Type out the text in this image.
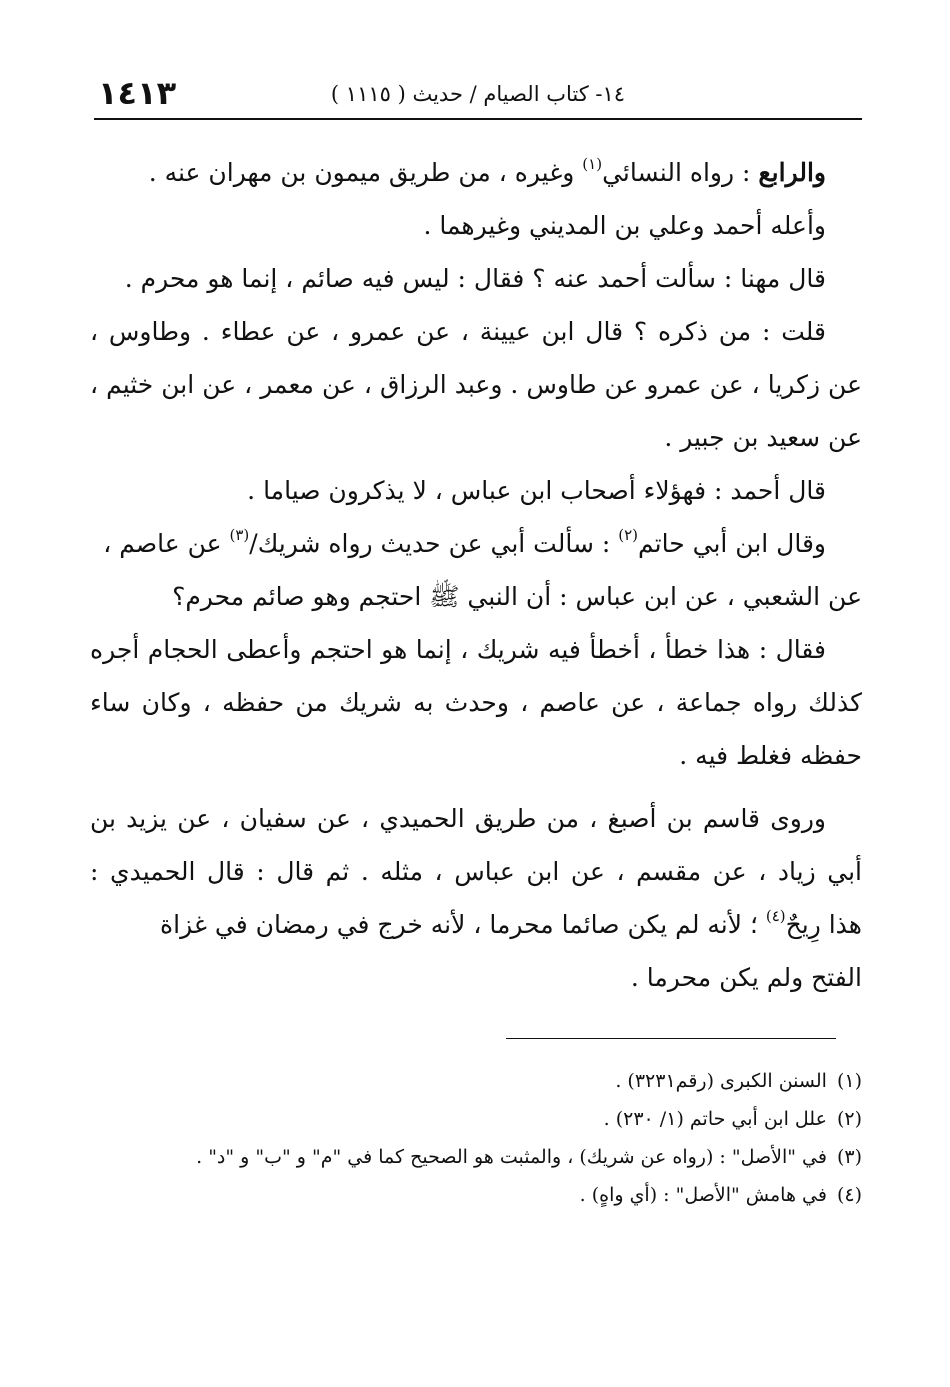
١٤١٣	١٤- كتاب الصيام / حديث ( ١١١٥ )
والرابع : رواه النسائي$^{(١)}$ وغيره ، من طريق ميمون بن مهران عنه .
وأعله أحمد وعلي بن المديني وغيرهما .
قال مهنا : سألت أحمد عنه ؟ فقال : ليس فيه صائم ، إنما هو محرم .
قلت : من ذكره ؟ قال ابن عيينة ، عن عمرو ، عن عطاء . وطاوس ،
عن زكريا ، عن عمرو عن طاوس . وعبد الرزاق ، عن معمر ، عن ابن خثيم ،
عن سعيد بن جبير .
قال أحمد : فهؤلاء أصحاب ابن عباس ، لا يذكرون صياما .
وقال ابن أبي حاتم$^{(٢)}$ : سألت أبي عن حديث رواه شريك/$^{(٣)}$ عن عاصم ،
عن الشعبي ، عن ابن عباس : أن النبي ﷺ احتجم وهو صائم محرم؟
فقال : هذا خطأ ، أخطأ فيه شريك ، إنما هو احتجم وأعطى الحجام أجره
كذلك رواه جماعة ، عن عاصم ، وحدث به شريك من حفظه ، وكان ساء
حفظه فغلط فيه .
وروى قاسم بن أصبغ ، من طريق الحميدي ، عن سفيان ، عن يزيد بن
أبي زياد ، عن مقسم ، عن ابن عباس ، مثله . ثم قال : قال الحميدي :
هذا رِيحٌ$^{(٤)}$ ؛ لأنه لم يكن صائما محرما ، لأنه خرج في رمضان في غزاة
الفتح ولم يكن محرما .
(١)السنن الكبرى (رقم٣٢٣١) .
(٢)علل ابن أبي حاتم (١/ ٢٣٠) .
(٣)في "الأصل" : (رواه عن شريك) ، والمثبت هو الصحيح كما في "م" و "ب" و "د" .
(٤)في هامش "الأصل" : (أي واهٍ) .
